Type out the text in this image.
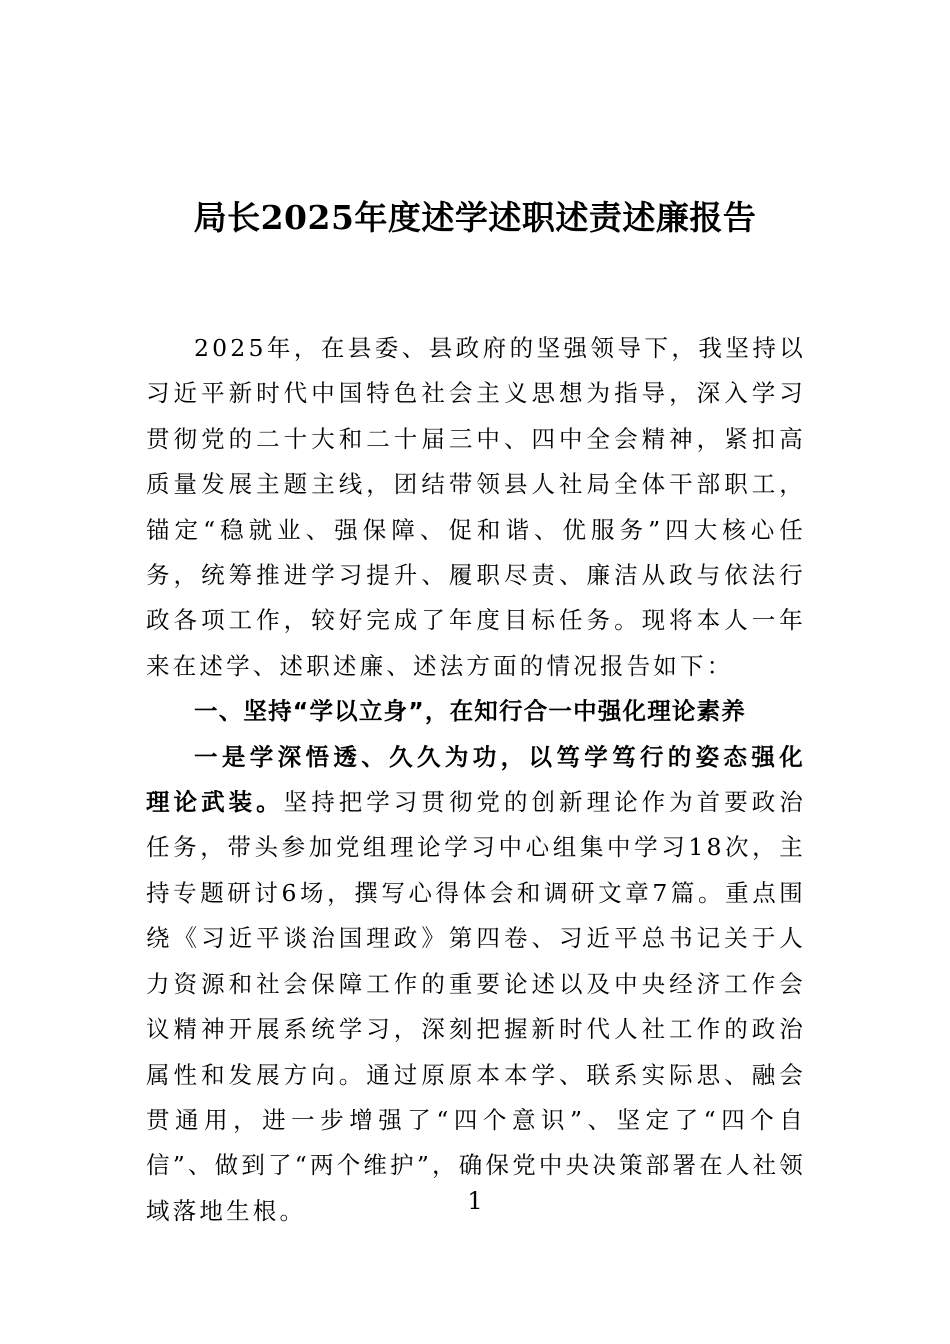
局长2025年度述学述职述责述廉报告

2025年，在县委、县政府的坚强领导下，我坚持以习近平新时代中国特色社会主义思想为指导，深入学习贯彻党的二十大和二十届三中、四中全会精神，紧扣高质量发展主题主线，团结带领县人社局全体干部职工，锚定“稳就业、强保障、促和谐、优服务”四大核心任务，统筹推进学习提升、履职尽责、廉洁从政与依法行政各项工作，较好完成了年度目标任务。现将本人一年来在述学、述职述廉、述法方面的情况报告如下：

一、坚持“学以立身”，在知行合一中强化理论素养

一是学深悟透、久久为功，以笃学笃行的姿态强化理论武装。坚持把学习贯彻党的创新理论作为首要政治任务，带头参加党组理论学习中心组集中学习18次，主持专题研讨6场，撰写心得体会和调研文章7篇。重点围绕《习近平谈治国理政》第四卷、习近平总书记关于人力资源和社会保障工作的重要论述以及中央经济工作会议精神开展系统学习，深刻把握新时代人社工作的政治属性和发展方向。通过原原本本学、联系实际思、融会贯通用，进一步增强了“四个意识”、坚定了“四个自信”、做到了“两个维护”，确保党中央决策部署在人社领域落地生根。	1
